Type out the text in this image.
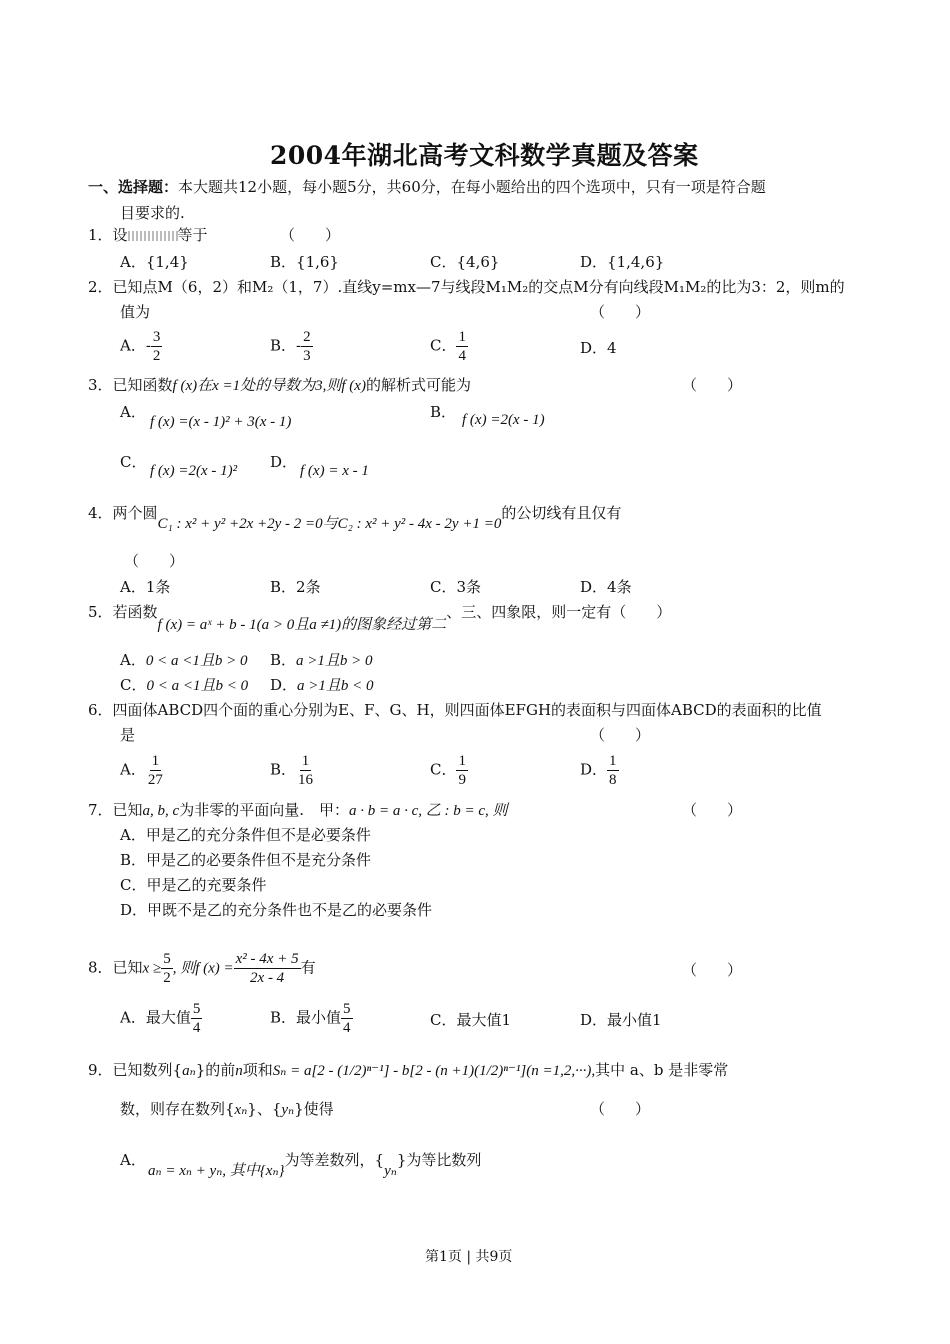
2004年湖北高考文科数学真题及答案
一、选择题：本大题共12小题，每小题5分，共60分，在每小题给出的四个选项中，只有一项是符合题
目要求的.
1．设	等于	（　　）
A．{1,4}	B．{1,6}	C．{4,6}	D．{1,4,6}
2．已知点M（6，2）和M₂（1，7）.直线y=mx—7与线段M₁M₂的交点M分有向线段M₁M₂的比为3：2，则m的
值为	（　　）
A．- $\frac{3}{2}$	B．- $\frac{2}{3}$	C． $\frac{1}{4}$	D．4
3．已知函数f (x)在x =1处的导数为3,则f (x)的解析式可能为	（　　）
A．
f (x) =(x - 1)² + 3(x - 1)
B． f (x) =2(x - 1)
C． f (x) =2(x - 1)² D． f (x) = x - 1
4．两个圆C₁ : x² + y² +2x +2y - 2 =0与C₂ : x² + y² - 4x - 2y +1 =0的公切线有且仅有
（　　）
A．1条	B．2条	C．3条	D．4条
5．若函数f (x) = aˣ + b - 1(a > 0且a ≠1)的图象经过第二、三、四象限，则一定有（　　）
A．0 < a <1且b > 0 B．a >1且b > 0
C．0 < a <1且b < 0 D．a >1且b < 0
6．四面体ABCD四个面的重心分别为E、F、G、H，则四面体EFGH的表面积与四面体ABCD的表面积的比值
是	（　　）
A． $\frac{1}{27}$	B． $\frac{1}{16}$	C． $\frac{1}{9}$	D． $\frac{1}{8}$
7．已知a, b, c为非零的平面向量.　甲：a · b = a · c, 乙 : b = c, 则	（　　）
A．甲是乙的充分条件但不是必要条件
B．甲是乙的必要条件但不是充分条件
C．甲是乙的充要条件
D．甲既不是乙的充分条件也不是乙的必要条件
8．已知$x \ge \frac{5}{2}$ , 则f $(x) = \frac{\text{x² - 4x + 5}}{2x - 4}$ 有	（　　）
A．最大值 $\frac{5}{4}$	B．最小值 $\frac{5}{4}$	C．最大值1	D．最小值1
9．已知数列{aₙ}的前n项和Sₙ = a[2 - (1/2)ⁿ⁻¹] - b[2 - (n +1)(1/2)ⁿ⁻¹](n =1,2,···),其中 a、b 是非零常
数，则存在数列{xₙ}、{yₙ}使得	（　　）
A．
aₙ = xₙ + yₙ, 其中{xₙ}为等差数列，{yₙ}为等比数列
第1页 | 共9页
